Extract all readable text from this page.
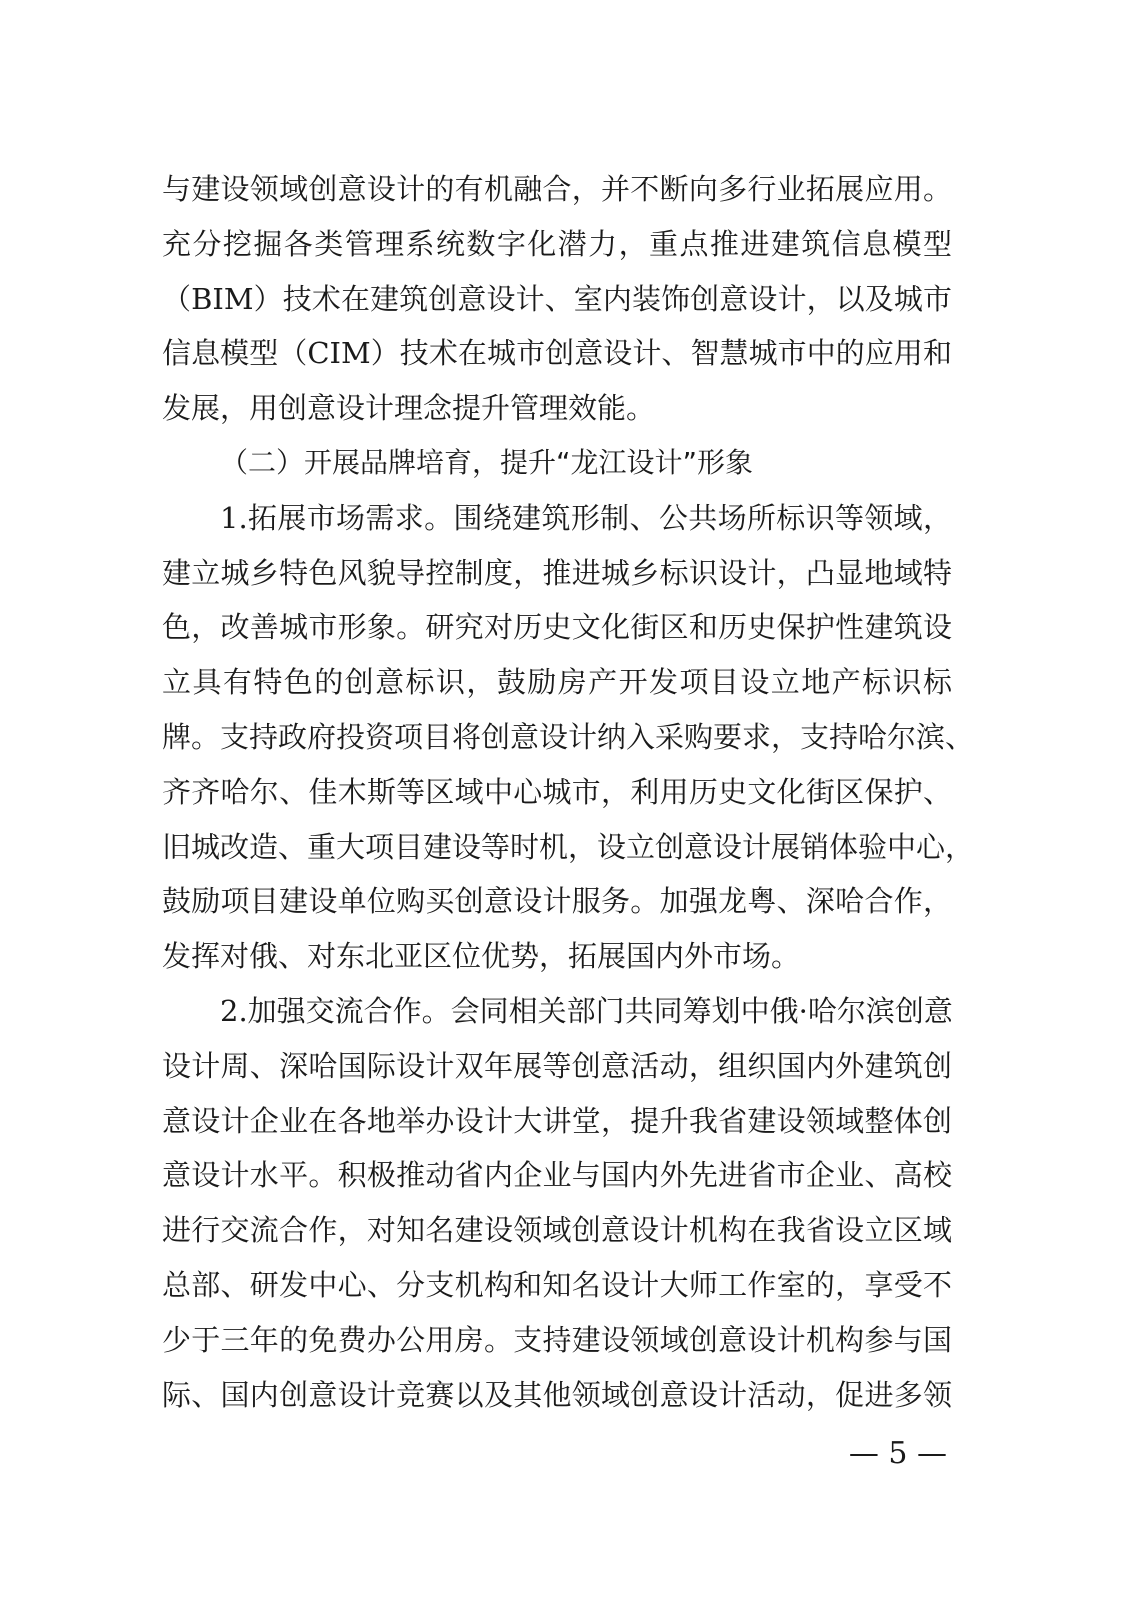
与建设领域创意设计的有机融合，并不断向多行业拓展应用。
充分挖掘各类管理系统数字化潜力，重点推进建筑信息模型
（BIM）技术在建筑创意设计、室内装饰创意设计，以及城市
信息模型（CIM）技术在城市创意设计、智慧城市中的应用和
发展，用创意设计理念提升管理效能。
（二）开展品牌培育，提升“龙江设计”形象
1.拓展市场需求。围绕建筑形制、公共场所标识等领域，
建立城乡特色风貌导控制度，推进城乡标识设计，凸显地域特
色，改善城市形象。研究对历史文化街区和历史保护性建筑设
立具有特色的创意标识，鼓励房产开发项目设立地产标识标
牌。支持政府投资项目将创意设计纳入采购要求，支持哈尔滨、
齐齐哈尔、佳木斯等区域中心城市，利用历史文化街区保护、
旧城改造、重大项目建设等时机，设立创意设计展销体验中心，
鼓励项目建设单位购买创意设计服务。加强龙粤、深哈合作，
发挥对俄、对东北亚区位优势，拓展国内外市场。
2.加强交流合作。会同相关部门共同筹划中俄·哈尔滨创意
设计周、深哈国际设计双年展等创意活动，组织国内外建筑创
意设计企业在各地举办设计大讲堂，提升我省建设领域整体创
意设计水平。积极推动省内企业与国内外先进省市企业、高校
进行交流合作，对知名建设领域创意设计机构在我省设立区域
总部、研发中心、分支机构和知名设计大师工作室的，享受不
少于三年的免费办公用房。支持建设领域创意设计机构参与国
际、国内创意设计竞赛以及其他领域创意设计活动，促进多领
— 5 —
